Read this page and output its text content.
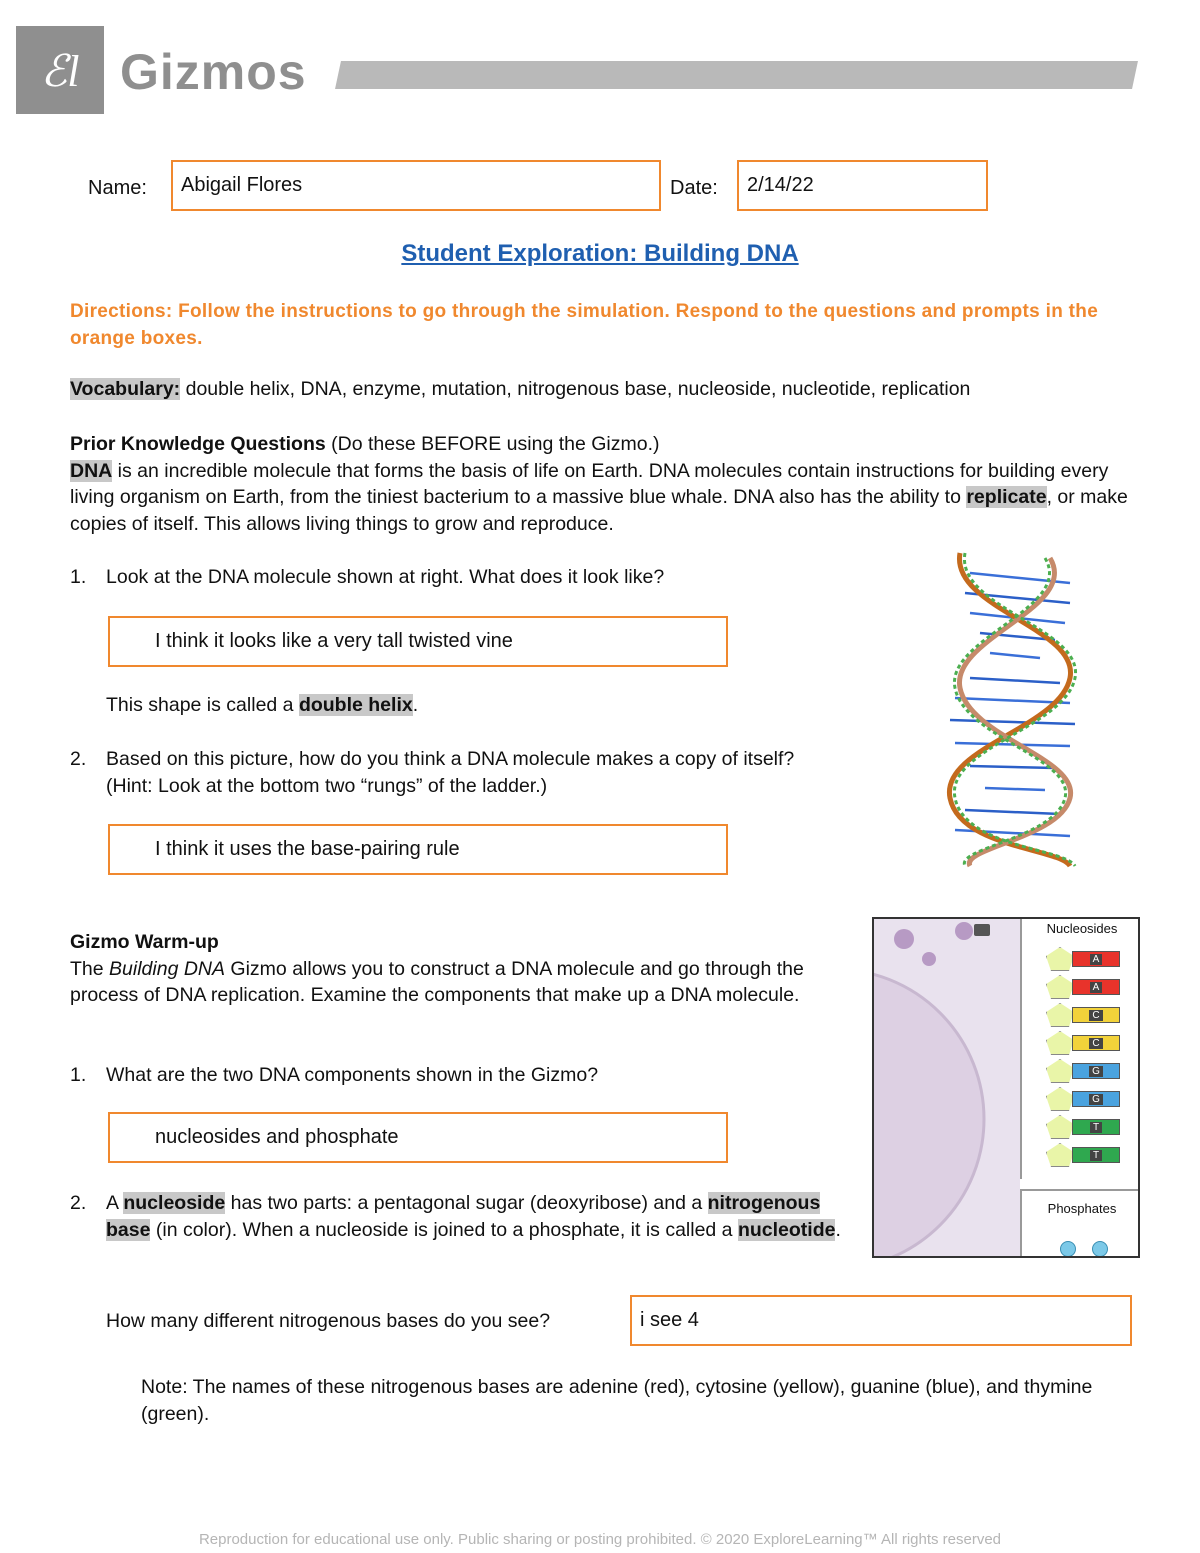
ℰl Gizmos
Name:	Abigail Flores	Date:	2/14/22
Student Exploration: Building DNA
Directions: Follow the instructions to go through the simulation. Respond to the questions and prompts in the orange boxes.
Vocabulary: double helix, DNA, enzyme, mutation, nitrogenous base, nucleoside, nucleotide, replication
Prior Knowledge Questions (Do these BEFORE using the Gizmo.)
DNA is an incredible molecule that forms the basis of life on Earth. DNA molecules contain instructions for building every living organism on Earth, from the tiniest bacterium to a massive blue whale. DNA also has the ability to replicate, or make copies of itself. This allows living things to grow and reproduce.
1. Look at the DNA molecule shown at right. What does it look like?
I think it looks like a very tall twisted vine
This shape is called a double helix.
2. Based on this picture, how do you think a DNA molecule makes a copy of itself?
(Hint: Look at the bottom two “rungs” of the ladder.)
I think it uses the base-pairing rule
Gizmo Warm-up
The Building DNA Gizmo allows you to construct a DNA molecule and go through the process of DNA replication. Examine the components that make up a DNA molecule.
1. What are the two DNA components shown in the Gizmo?
nucleosides and phosphate
2. A nucleoside has two parts: a pentagonal sugar (deoxyribose) and a nitrogenous base (in color). When a nucleoside is joined to a phosphate, it is called a nucleotide.
How many different nitrogenous bases do you see?	i see 4
Note: The names of these nitrogenous bases are adenine (red), cytosine (yellow), guanine (blue), and thymine (green).
Nucleosides
A
A
C
C
G
G
T
T
Phosphates
Reproduction for educational use only. Public sharing or posting prohibited. © 2020 ExploreLearning™ All rights reserved
